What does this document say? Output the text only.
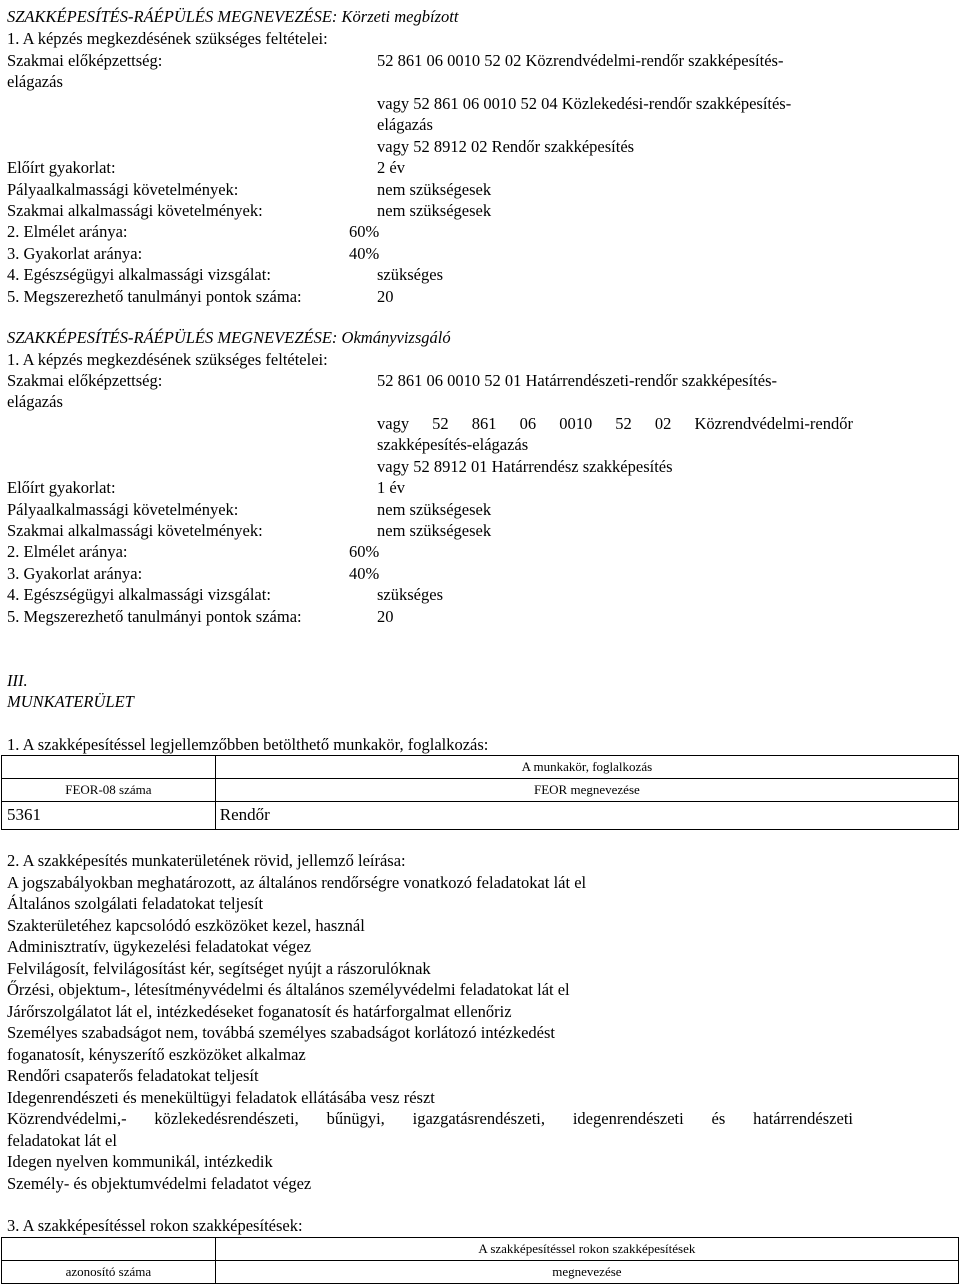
SZAKKÉPESÍTÉS-RÁÉPÜLÉS MEGNEVEZÉSE: Körzeti megbízott
1. A képzés megkezdésének szükséges feltételei:
Szakmai előképzettség:	52 861 06 0010 52 02 Közrendvédelmi-rendőr szakképesítés-
elágazás
vagy 52 861 06 0010 52 04 Közlekedési-rendőr szakképesítés-
elágazás
vagy 52 8912 02 Rendőr szakképesítés
Előírt gyakorlat:	2 év
Pályaalkalmassági követelmények:	nem szükségesek
Szakmai alkalmassági követelmények:	nem szükségesek
2. Elmélet aránya:	60%
3. Gyakorlat aránya:	40%
4. Egészségügyi alkalmassági vizsgálat:	szükséges
5. Megszerezhető tanulmányi pontok száma:	20
SZAKKÉPESÍTÉS-RÁÉPÜLÉS MEGNEVEZÉSE: Okmányvizsgáló
1. A képzés megkezdésének szükséges feltételei:
Szakmai előképzettség:	52 861 06 0010 52 01 Határrendészeti-rendőr szakképesítés-
elágazás
vagy 52 861 06 0010 52 02 Közrendvédelmi-rendőr
szakképesítés-elágazás
vagy 52 8912 01 Határrendész szakképesítés
Előírt gyakorlat:	1 év
Pályaalkalmassági követelmények:	nem szükségesek
Szakmai alkalmassági követelmények:	nem szükségesek
2. Elmélet aránya:	60%
3. Gyakorlat aránya:	40%
4. Egészségügyi alkalmassági vizsgálat:	szükséges
5. Megszerezhető tanulmányi pontok száma:	20
III.
MUNKATERÜLET
1. A szakképesítéssel legjellemzőbben betölthető munkakör, foglalkozás:
	A munkakör, foglalkozás
FEOR-08 száma	FEOR megnevezése
5361	Rendőr
2. A szakképesítés munkaterületének rövid, jellemző leírása:
A jogszabályokban meghatározott, az általános rendőrségre vonatkozó feladatokat lát el
Általános szolgálati feladatokat teljesít
Szakterületéhez kapcsolódó eszközöket kezel, használ
Adminisztratív, ügykezelési feladatokat végez
Felvilágosít, felvilágosítást kér, segítséget nyújt a rászorulóknak
Őrzési, objektum-, létesítményvédelmi és általános személyvédelmi feladatokat lát el
Járőrszolgálatot lát el, intézkedéseket foganatosít és határforgalmat ellenőriz
Személyes szabadságot nem, továbbá személyes szabadságot korlátozó intézkedést
foganatosít, kényszerítő eszközöket alkalmaz
Rendőri csapaterős feladatokat teljesít
Idegenrendészeti és menekültügyi feladatok ellátásába vesz részt
Közrendvédelmi,- közlekedésrendészeti, bűnügyi, igazgatásrendészeti, idegenrendészeti és határrendészeti
feladatokat lát el
Idegen nyelven kommunikál, intézkedik
Személy- és objektumvédelmi feladatot végez
3. A szakképesítéssel rokon szakképesítések:
	A szakképesítéssel rokon szakképesítések
azonosító száma	megnevezése
